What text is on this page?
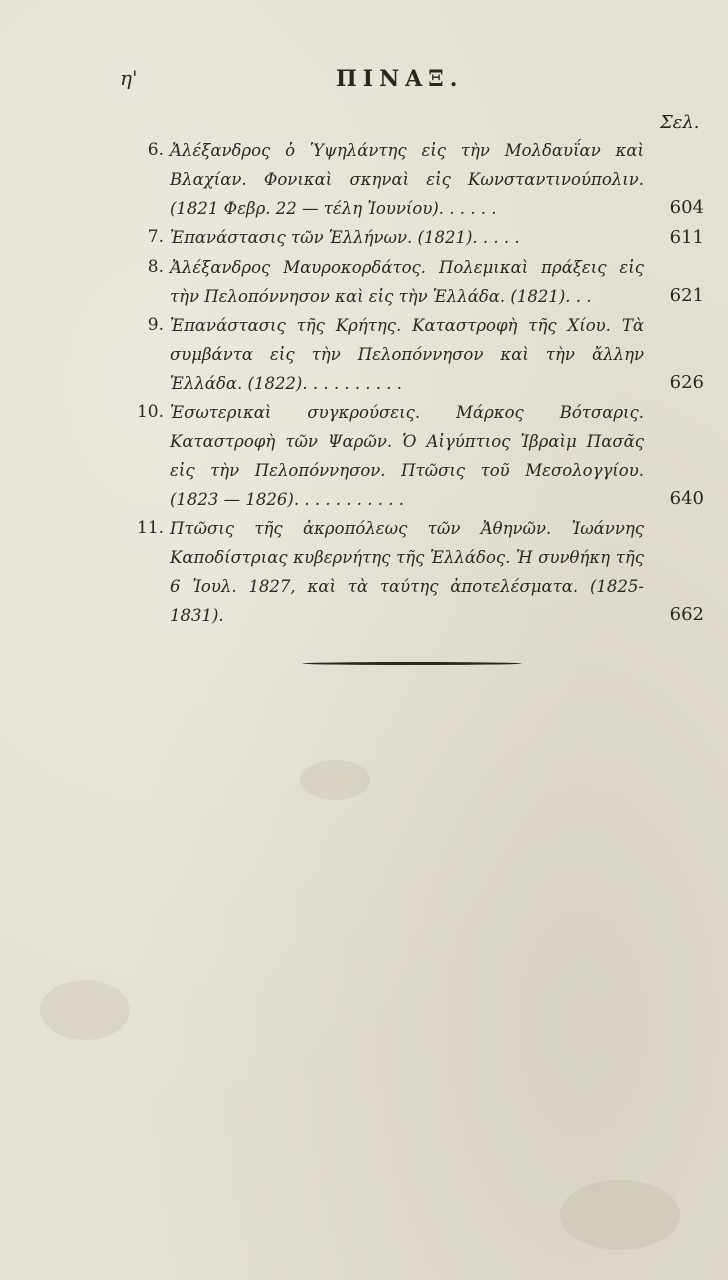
η'	ΠΙΝΑΞ.
Σελ.
6. Ἀλέξανδρος ὁ Ὑψηλάντης εἰς τὴν Μολδαυΐαν καὶ Βλαχίαν. Φονικαὶ σκηναὶ εἰς Κωνσταντινούπολιν. (1821 Φεβρ. 22 — τέλη Ἰουνίου). . . . . .	604
7. Ἐπανάστασις τῶν Ἑλλήνων. (1821). . . . .	611
8. Ἀλέξανδρος Μαυροκορδάτος. Πολεμικαὶ πράξεις εἰς τὴν Πελοπόννησον καὶ εἰς τὴν Ἑλλάδα. (1821). . .	621
9. Ἐπανάστασις τῆς Κρήτης. Καταστροφὴ τῆς Χίου. Τὰ συμβάντα εἰς τὴν Πελοπόννησον καὶ τὴν ἄλλην Ἑλλάδα. (1822). . . . . . . . . .	626
10. Ἐσωτερικαὶ συγκρούσεις. Μάρκος Βότσαρις. Καταστροφὴ τῶν Ψαρῶν. Ὁ Αἰγύπτιος Ἰβραὶμ Πασᾶς εἰς τὴν Πελοπόννησον. Πτῶσις τοῦ Μεσολογγίου. (1823 — 1826). . . . . . . . . . .	640
11. Πτῶσις τῆς ἀκροπόλεως τῶν Ἀθηνῶν. Ἰωάννης Καποδίστριας κυβερνήτης τῆς Ἑλλάδος. Ἡ συνθήκη τῆς 6 Ἰουλ. 1827, καὶ τὰ ταύτης ἀποτελέσματα. (1825-1831).	662
